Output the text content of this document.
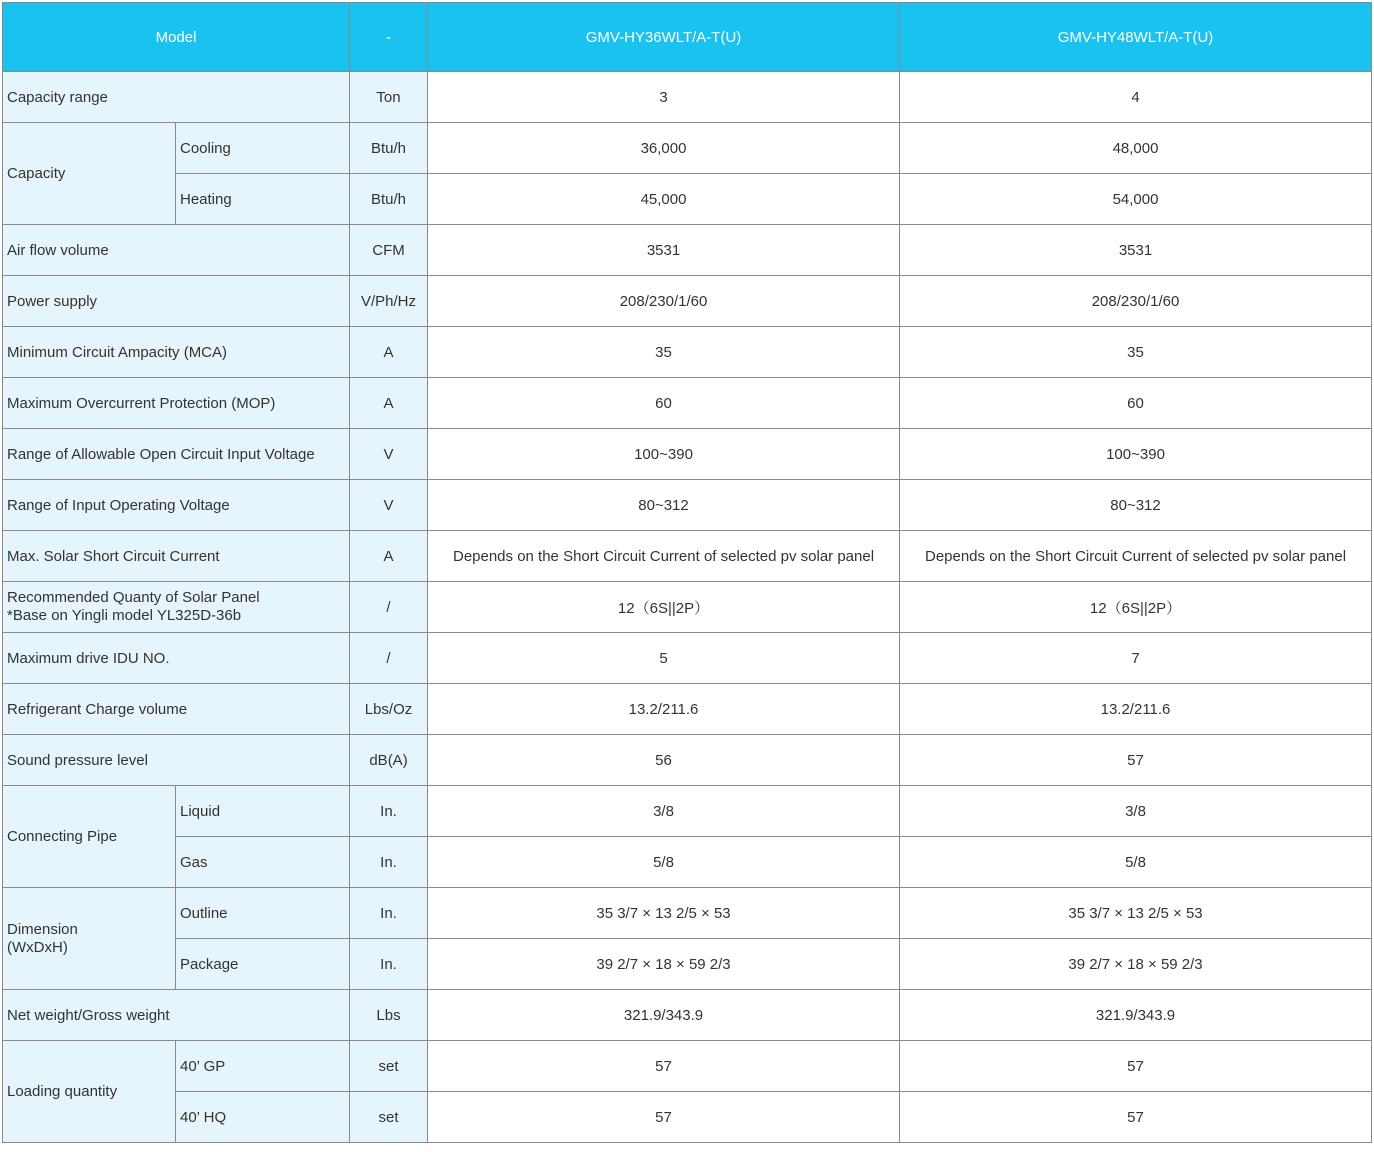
Model		-	GMV-HY36WLT/A-T(U)	GMV-HY48WLT/A-T(U)
Capacity range		Ton	3	4
Capacity	Cooling	Btu/h	36,000	48,000
	Heating	Btu/h	45,000	54,000
Air flow volume		CFM	3531	3531
Power supply		V/Ph/Hz	208/230/1/60	208/230/1/60
Minimum Circuit Ampacity (MCA)		A	35	35
Maximum Overcurrent Protection (MOP)		A	60	60
Range of Allowable Open Circuit Input Voltage		V	100~390	100~390
Range of Input Operating Voltage		V	80~312	80~312
Max. Solar Short Circuit Current		A	Depends on the Short Circuit Current of selected pv solar panel	Depends on the Short Circuit Current of selected pv solar panel

Recommended Quanty of Solar Panel
*Base on Yingli model YL325D-36b		/	12（6S||2P）	12（6S||2P）
Maximum drive IDU NO.		/	5	7
Refrigerant Charge volume		Lbs/Oz	13.2/211.6	13.2/211.6
Sound pressure level		dB(A)	56	57
Connecting Pipe	Liquid	In.	3/8	3/8
	Gas	In.	5/8	5/8

Dimension
(WxDxH)	Outline	In.	35 3/7 × 13 2/5 × 53	35 3/7 × 13 2/5 × 53
	Package	In.	39 2/7 × 18 × 59 2/3	39 2/7 × 18 × 59 2/3
Net weight/Gross weight		Lbs	321.9/343.9	321.9/343.9
Loading quantity	40’ GP	set	57	57
	40’ HQ	set	57	57
